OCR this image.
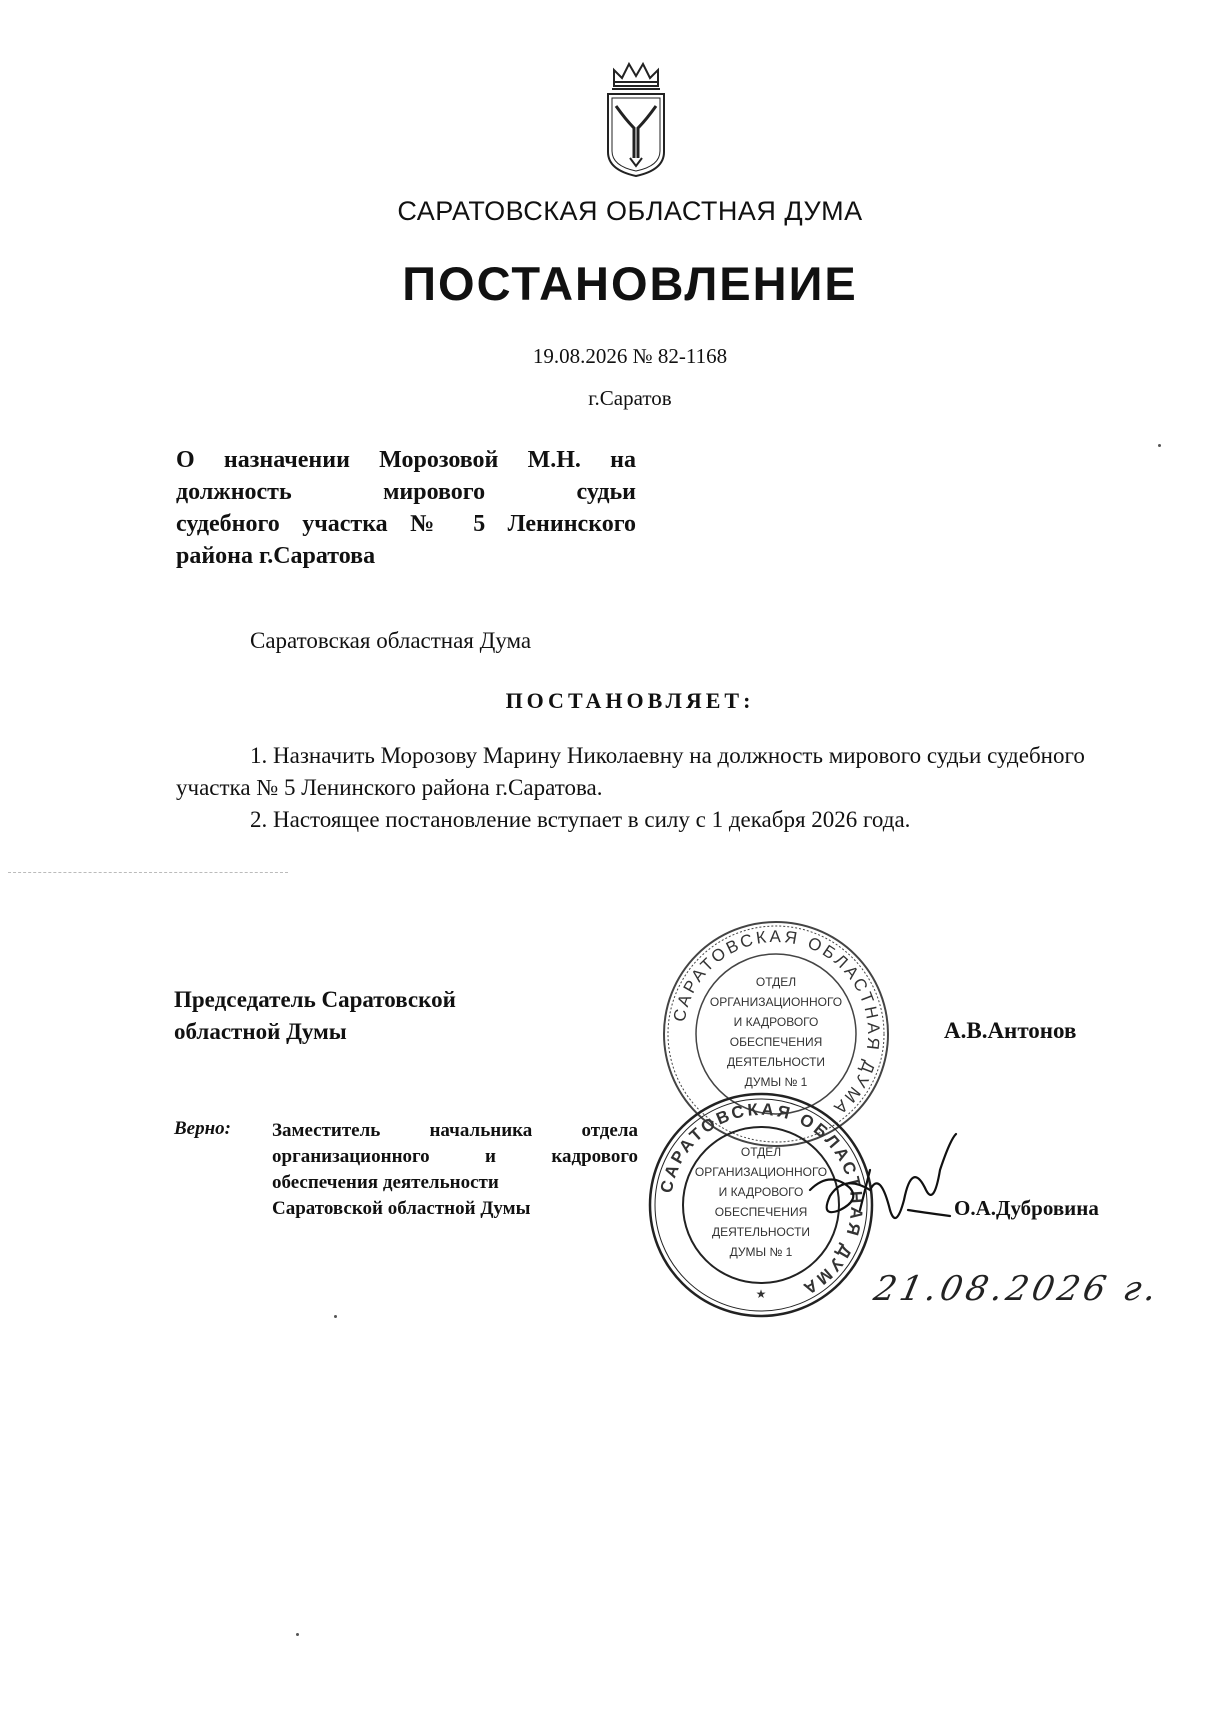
САРАТОВСКАЯ ОБЛАСТНАЯ ДУМА
ПОСТАНОВЛЕНИЕ
19.08.2026 № 82-1168
г.Саратов
О назначении Морозовой М.Н. на
должность мирового судьи
судебного участка № 5 Ленинского
района г.Саратова
Саратовская областная Дума
ПОСТАНОВЛЯЕТ:

1. Назначить Морозову Марину Николаевну на должность мирового судьи судебного участка № 5 Ленинского района г.Саратова.

2. Настоящее постановление вступает в силу с 1 декабря 2026 года.

Председатель Саратовской
областной Думы	А.В.Антонов
Верно: Заместитель начальника отдела
организационного и кадрового
обеспечения деятельности
Саратовской областной Думы	О.А.Дубровина
САРАТОВСКАЯ ОБЛАСТНАЯ ДУМА
ОТДЕЛ
ОРГАНИЗАЦИОННОГО
И КАДРОВОГО
ОБЕСПЕЧЕНИЯ
ДЕЯТЕЛЬНОСТИ
ДУМЫ № 1
САРАТОВСКАЯ ОБЛАСТНАЯ ДУМА
ОТДЕЛ
ОРГАНИЗАЦИОННОГО
И КАДРОВОГО
ОБЕСПЕЧЕНИЯ
ДЕЯТЕЛЬНОСТИ
ДУМЫ № 1
★	21.08.2026 г.
